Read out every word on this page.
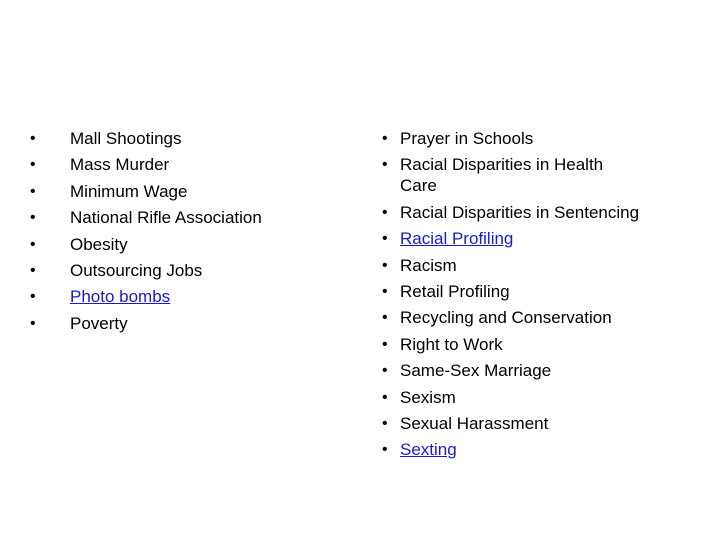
• Mall Shootings
• Mass Murder
• Minimum Wage
• National Rifle Association
• Obesity
• Outsourcing Jobs
• Photo bombs
• Poverty
• Prayer in Schools
• Racial Disparities in Health Care
• Racial Disparities in Sentencing
• Racial Profiling
• Racism
• Retail Profiling
• Recycling and Conservation
• Right to Work
• Same-Sex Marriage
• Sexism
• Sexual Harassment
• Sexting
